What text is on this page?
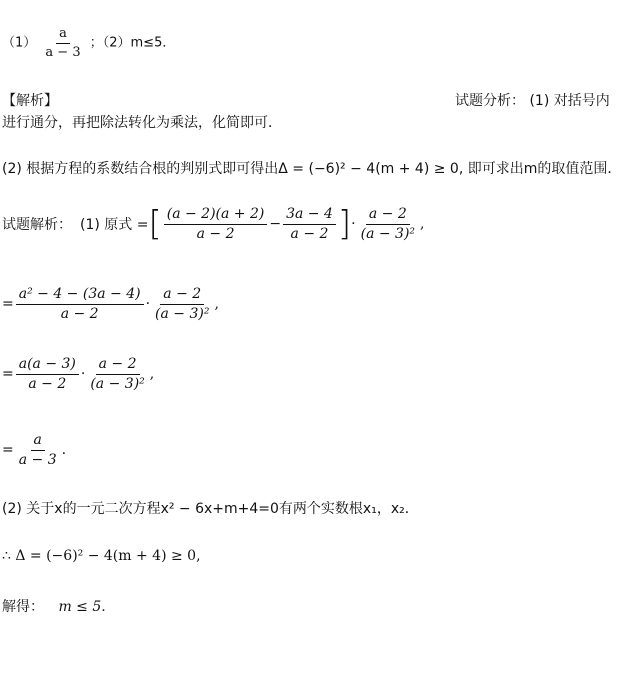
$(1) \frac{a}{a - 3}$ ；（2）m≤5．
【解析】	试题分析： (1) 对括号内
进行通分，再把除法转化为乘法，化简即可．
(2) 根据方程的系数结合根的判别式即可得出Δ = (−6)² − 4(m + 4) ≥ 0, 即可求出m的取值范围．
试题解析： (1) 原式 = [ $\frac{(a - 2)(a + 2)}{a - 2} - \frac{3a - 4}{a - 2}$ ] · $\frac{a - 2}{\text{(a − 3)²}}$ ,
= $\frac{\text{a² − 4 − (3a − 4)}}{a - 2} \cdot \frac{a - 2}{\text{(a − 3)²}}$ ,
= $\frac{a(a - 3)}{a - 2} \cdot \frac{a - 2}{\text{(a − 3)²}}$ ,
= $\frac{a}{a - 3}$ .
(2) 关于x的一元二次方程x² − 6x+m+4=0有两个实数根x₁，x₂．
∴ Δ = (−6)² − 4(m + 4) ≥ 0,
解得： m ≤ 5.
